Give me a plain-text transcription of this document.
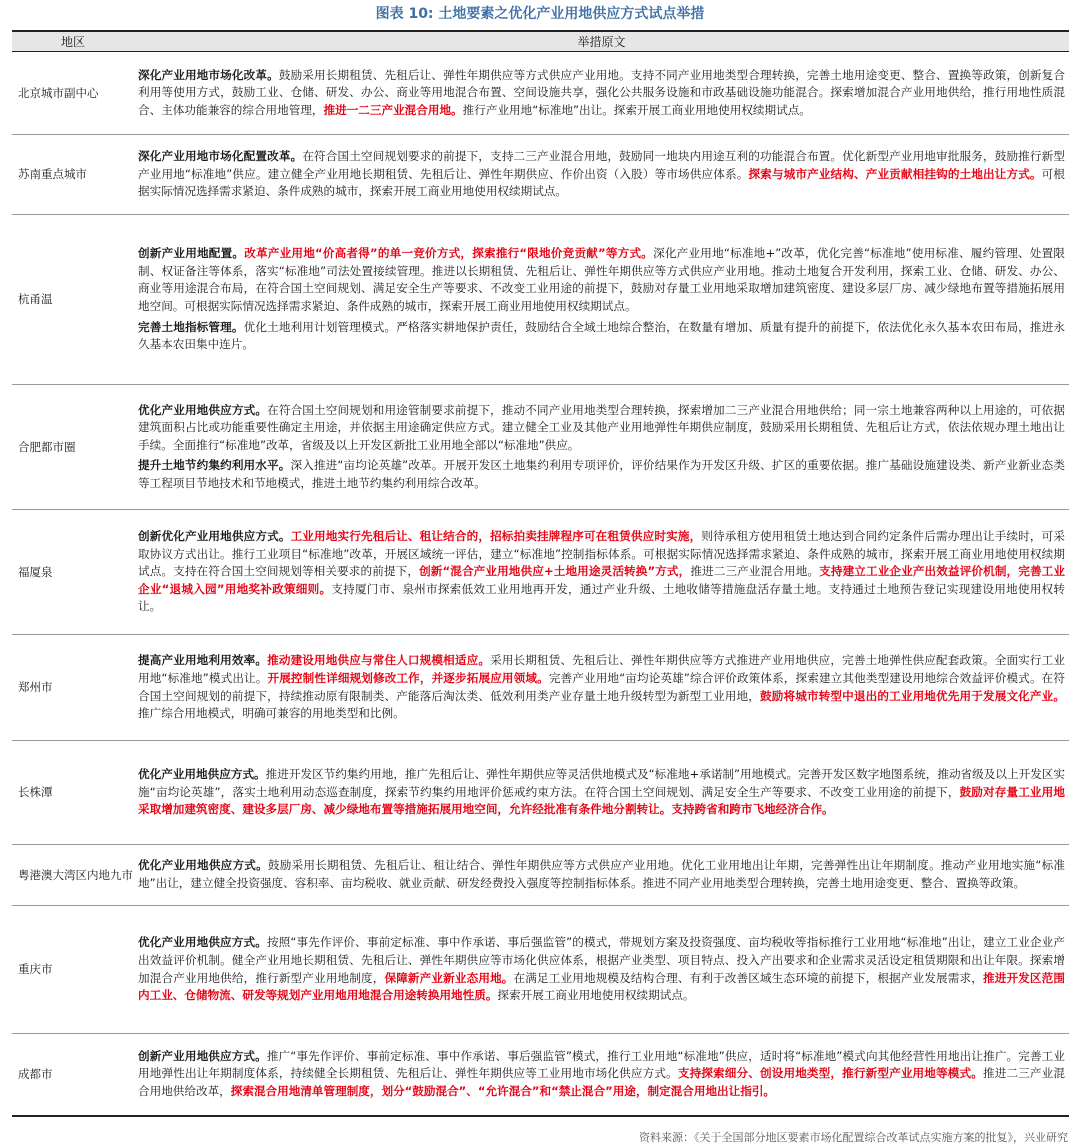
图表 10: 土地要素之优化产业用地供应方式试点举措
地区	举措原文
北京城市副中心	深化产业用地市场化改革。鼓励采用长期租赁、先租后让、弹性年期供应等方式供应产业用地。支持不同产业用地类型合理转换，完善土地用途变更、整合、置换等政策，创新复合利用等使用方式，鼓励工业、仓储、研发、办公、商业等用地混合布置、空间设施共享，强化公共服务设施和市政基础设施功能混合。探索增加混合产业用地供给，推行用地性质混合、主体功能兼容的综合用地管理，推进一二三产业混合用地。推行产业用地“标准地”出让。探索开展工商业用地使用权续期试点。

苏南重点城市	深化产业用地市场化配置改革。在符合国土空间规划要求的前提下，支持二三产业混合用地，鼓励同一地块内用途互利的功能混合布置。优化新型产业用地审批服务，鼓励推行新型产业用地“标准地”供应。建立健全产业用地长期租赁、先租后让、弹性年期供应、作价出资（入股）等市场供应体系。探索与城市产业结构、产业贡献相挂钩的土地出让方式。可根据实际情况选择需求紧迫、条件成熟的城市，探索开展工商业用地使用权续期试点。

杭甬温	创新产业用地配置。改革产业用地“价高者得”的单一竞价方式，探索推行“限地价竞贡献”等方式。深化产业用地“标准地+”改革，优化完善“标准地”使用标准、履约管理、处置限制、权证备注等体系，落实“标准地”司法处置接续管理。推进以长期租赁、先租后让、弹性年期供应等方式供应产业用地。推动土地复合开发利用，探索工业、仓储、研发、办公、商业等用途混合布局，在符合国土空间规划、满足安全生产等要求、不改变工业用途的前提下，鼓励对存量工业用地采取增加建筑密度、建设多层厂房、减少绿地布置等措施拓展用地空间。可根据实际情况选择需求紧迫、条件成熟的城市，探索开展工商业用地使用权续期试点。

完善土地指标管理。优化土地利用计划管理模式。严格落实耕地保护责任，鼓励结合全域土地综合整治，在数量有增加、质量有提升的前提下，依法优化永久基本农田布局，推进永久基本农田集中连片。

合肥都市圈	优化产业用地供应方式。在符合国土空间规划和用途管制要求前提下，推动不同产业用地类型合理转换，探索增加二三产业混合用地供给；同一宗土地兼容两种以上用途的，可依据建筑面积占比或功能重要性确定主用途，并依据主用途确定供应方式。建立健全工业及其他产业用地弹性年期供应制度，鼓励采用长期租赁、先租后让方式，依法依规办理土地出让手续。全面推行“标准地”改革，省级及以上开发区新批工业用地全部以“标准地”供应。

提升土地节约集约利用水平。深入推进“亩均论英雄”改革。开展开发区土地集约利用专项评价，评价结果作为开发区升级、扩区的重要依据。推广基础设施建设类、新产业新业态类等工程项目节地技术和节地模式，推进土地节约集约利用综合改革。

福厦泉	创新优化产业用地供应方式。工业用地实行先租后让、租让结合的，招标拍卖挂牌程序可在租赁供应时实施，则待承租方使用租赁土地达到合同约定条件后需办理出让手续时，可采取协议方式出让。推行工业项目“标准地”改革，开展区域统一评估，建立“标准地”控制指标体系。可根据实际情况选择需求紧迫、条件成熟的城市，探索开展工商业用地使用权续期试点。支持在符合国土空间规划等相关要求的前提下，创新“混合产业用地供应+土地用途灵活转换”方式，推进二三产业混合用地。支持建立工业企业产出效益评价机制，完善工业企业“退城入园”用地奖补政策细则。支持厦门市、泉州市探索低效工业用地再开发，通过产业升级、土地收储等措施盘活存量土地。支持通过土地预告登记实现建设用地使用权转让。

郑州市	提高产业用地利用效率。推动建设用地供应与常住人口规模相适应。采用长期租赁、先租后让、弹性年期供应等方式推进产业用地供应，完善土地弹性供应配套政策。全面实行工业用地“标准地”模式出让。开展控制性详细规划修改工作，并逐步拓展应用领域。完善产业用地“亩均论英雄”综合评价政策体系，探索建立其他类型建设用地综合效益评价模式。在符合国土空间规划的前提下，持续推动原有限制类、产能落后淘汰类、低效利用类产业存量土地升级转型为新型工业用地，鼓励将城市转型中退出的工业用地优先用于发展文化产业。推广综合用地模式，明确可兼容的用地类型和比例。

长株潭	优化产业用地供应方式。推进开发区节约集约用地，推广先租后让、弹性年期供应等灵活供地模式及“标准地+承诺制”用地模式。完善开发区数字地图系统，推动省级及以上开发区实施“亩均论英雄”，落实土地利用动态巡查制度，探索节约集约用地评价惩戒约束方法。在符合国土空间规划、满足安全生产等要求、不改变工业用途的前提下，鼓励对存量工业用地采取增加建筑密度、建设多层厂房、减少绿地布置等措施拓展用地空间，允许经批准有条件地分割转让。支持跨省和跨市飞地经济合作。

粤港澳大湾区内地九市	优化产业用地供应方式。鼓励采用长期租赁、先租后让、租让结合、弹性年期供应等方式供应产业用地。优化工业用地出让年期，完善弹性出让年期制度。推动产业用地实施“标准地”出让，建立健全投资强度、容积率、亩均税收、就业贡献、研发经费投入强度等控制指标体系。推进不同产业用地类型合理转换，完善土地用途变更、整合、置换等政策。

重庆市	优化产业用地供应方式。按照“事先作评价、事前定标准、事中作承诺、事后强监管”的模式，带规划方案及投资强度、亩均税收等指标推行工业用地“标准地”出让，建立工业企业产出效益评价机制。健全产业用地长期租赁、先租后让、弹性年期供应等市场化供应体系，根据产业类型、项目特点、投入产出要求和企业需求灵活设定租赁期限和出让年限。探索增加混合产业用地供给，推行新型产业用地制度，保障新产业新业态用地。在满足工业用地规模及结构合理、有利于改善区域生态环境的前提下，根据产业发展需求，推进开发区范围内工业、仓储物流、研发等规划产业用地用地混合用途转换用地性质。探索开展工商业用地使用权续期试点。

成都市	创新产业用地供应方式。推广“事先作评价、事前定标准、事中作承诺、事后强监管”模式，推行工业用地“标准地”供应，适时将“标准地”模式向其他经营性用地出让推广。完善工业用地弹性出让年期制度体系，持续健全长期租赁、先租后让、弹性年期供应等工业用地市场化供应方式。支持探索细分、创设用地类型，推行新型产业用地等模式。推进二三产业混合用地供给改革，探索混合用地清单管理制度，划分“鼓励混合”、“允许混合”和“禁止混合”用途，制定混合用地出让指引。

资料来源：《关于全国部分地区要素市场化配置综合改革试点实施方案的批复》，兴业研究
